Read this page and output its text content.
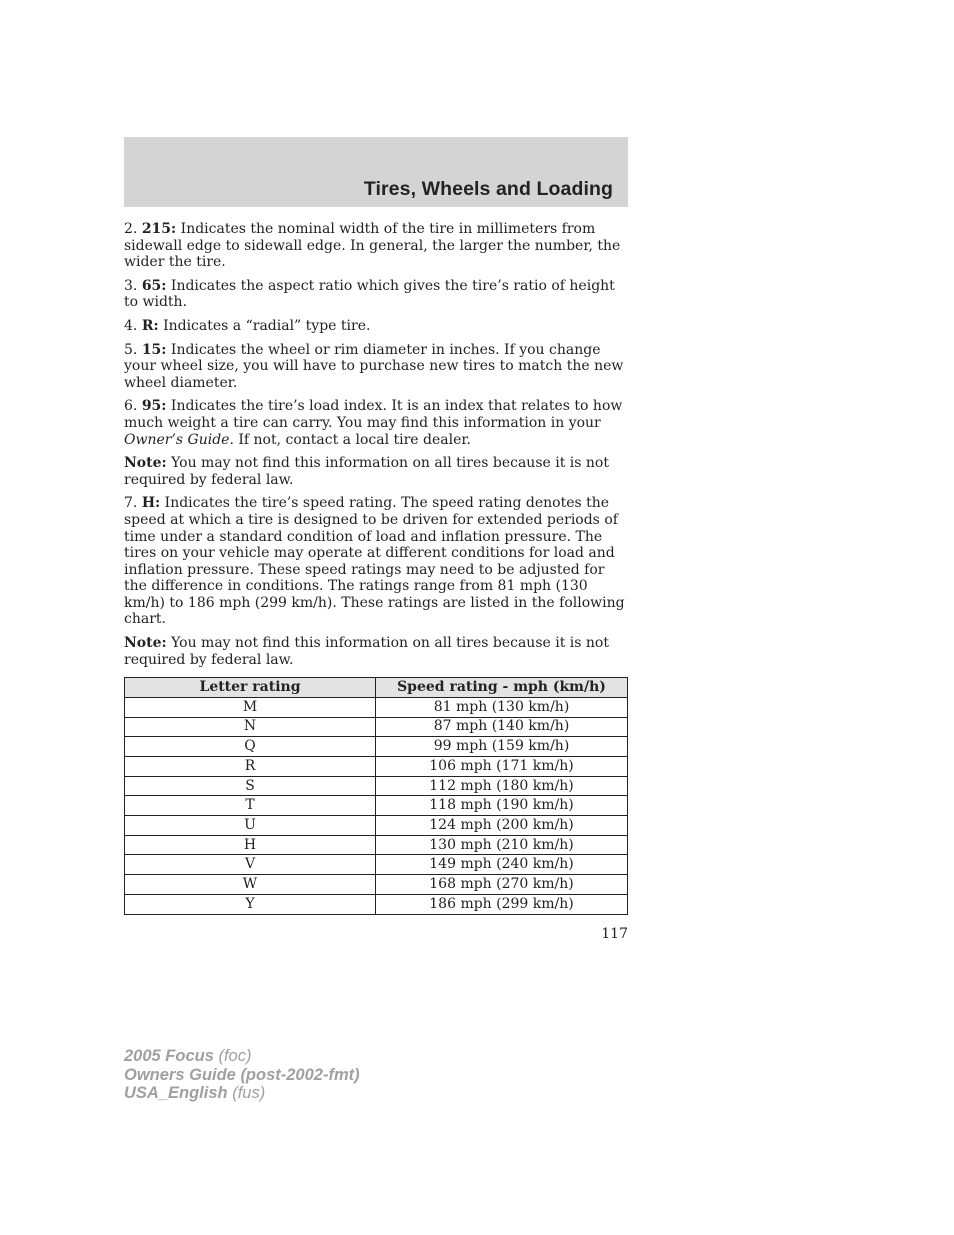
Tires, Wheels and Loading

2. 215: Indicates the nominal width of the tire in millimeters from sidewall edge to sidewall edge. In general, the larger the number, the wider the tire.

3. 65: Indicates the aspect ratio which gives the tire’s ratio of height to width.

4. R: Indicates a “radial” type tire.

5. 15: Indicates the wheel or rim diameter in inches. If you change your wheel size, you will have to purchase new tires to match the new wheel diameter.

6. 95: Indicates the tire’s load index. It is an index that relates to how much weight a tire can carry. You may find this information in your Owner’s Guide. If not, contact a local tire dealer.

Note: You may not find this information on all tires because it is not required by federal law.

7. H: Indicates the tire’s speed rating. The speed rating denotes the speed at which a tire is designed to be driven for extended periods of time under a standard condition of load and inflation pressure. The tires on your vehicle may operate at different conditions for load and inflation pressure. These speed ratings may need to be adjusted for the difference in conditions. The ratings range from 81 mph (130 km/h) to 186 mph (299 km/h). These ratings are listed in the following chart.

Note: You may not find this information on all tires because it is not required by federal law.

Letter rating	Speed rating - mph (km/h)
M	81 mph (130 km/h)
N	87 mph (140 km/h)
Q	99 mph (159 km/h)
R	106 mph (171 km/h)
S	112 mph (180 km/h)
T	118 mph (190 km/h)
U	124 mph (200 km/h)
H	130 mph (210 km/h)
V	149 mph (240 km/h)
W	168 mph (270 km/h)
Y	186 mph (299 km/h)

117

2005 Focus (foc)
Owners Guide (post-2002-fmt)
USA_English (fus)
